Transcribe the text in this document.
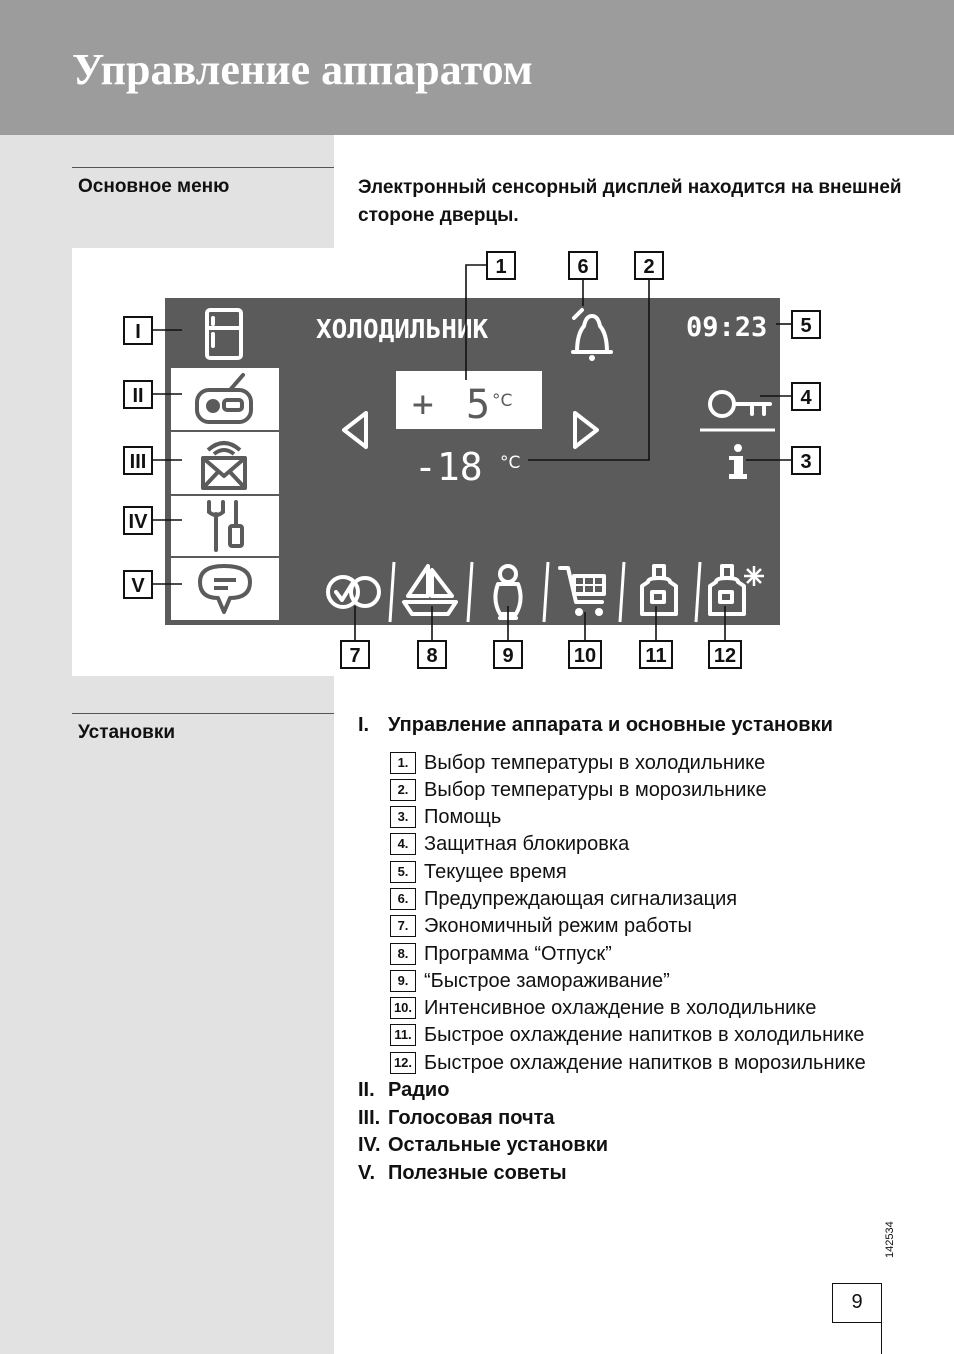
Управление аппаратом
Основное меню	Электронный сенсорный дисплей находится на внешней стороне дверцы.
ХОЛОДИЛЬНИК	09:23
+ 5 °C
-18 °C
1	6	2
I
II
III
IV
V
5
4
3
7	8	9	10 11 12
Установки	I. Управление аппарата и основные установки
1. Выбор температуры в холодильнике
2. Выбор температуры в морозильнике
3. Помощь
4. Защитная блокировка
5. Текущее время
6. Предупреждающая сигнализация
7. Экономичный режим работы
8. Программа “Отпуск”
9. “Быстрое замораживание”
10. Интенсивное охлаждение в холодильнике
11. Быстрое охлаждение напитков в холодильнике
12. Быстрое охлаждение напитков в морозильнике
II. Радио
III. Голосовая почта
IV. Остальные установки
V. Полезные советы
142534
9
